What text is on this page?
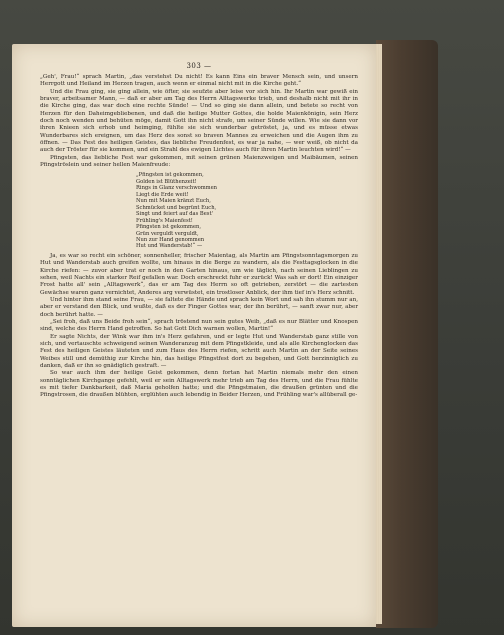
303 —

„Geh', Frau!“ sprach Martin, „das verstehst Du nicht! Es kann Eins ein braver Mensch sein, und unsern Herrgott und Heiland im Herzen tragen, auch wenn er einmal nicht mit in die Kirche geht.“

Und die Frau ging, sie ging allein, wie öfter, sie seufzte aber leise vor sich hin. Ihr Martin war gewiß ein braver, arbeitsamer Mann, — daß er aber am Tag des Herrn Alltagswerke trieb, und deshalb nicht mit ihr in die Kirche ging, das war doch eine rechte Sünde! — Und so ging sie dann allein, und betete so recht von Herzen für den Daheimgebliebenen, und daß die heilige Mutter Gottes, die holde Maienkönigin, sein Herz doch noch wenden und behüten möge, damit Gott ihn nicht strafe, um seiner Sünde willen. Wie sie dann vor ihren Knieen sich erhob und heimging, fühlte sie sich wunderbar getröstet, ja, und es müsse etwas Wunderbares sich ereignen, um das Herz des sonst so braven Mannes zu erweichen und die Augen ihm zu öffnen. — Das Fest des heiligen Geistes, das liebliche Freudenfest, es war ja nahe, — wer weiß, ob nicht da auch der Tröster für sie kommen, und ein Strahl des ewigen Lichtes auch für ihren Martin leuchten wird!“ —

Pfingsten, das liebliche Fest war gekommen, mit seinen grünen Maienzweigen und Maibäumen, seinen Pfingströslein und seiner hellen Maienfreude:

„Pfingsten ist gekommen,
Golden ist Blüthenzeit!
Rings in Glanz verschwommen
Liegt die Erde weit!
Nun mit Maien kränzt Euch,
Schmücket und begrünt Euch,
Singt und feiert auf das Best'
Frühling's Maienfest!
Pfingsten ist gekommen,
Grün verguldt verguldt,
Nun zur Hand genommen
Hut und Wanderstab!“ —

Ja, es war so recht ein schöner, sonnenheller, frischer Maientag, als Martin am Pfingstsonntagsmorgen zu Hut und Wanderstab auch greifen wollte, um hinaus in die Berge zu wandern, als die Festtagsglocken in die Kirche riefen: — zuvor aber trat er noch in den Garten hinaus, um wie täglich, nach seinen Lieblingen zu sehen, weil Nachts ein starker Reif gefallen war. Doch erschreckt fuhr er zurück! Was sah er dort! Ein einziger Frost hatte all' sein „Alltagswerk“, das er am Tag des Herrn so oft getrieben, zerstört — die zartesten Gewächse waren ganz vernichtet, Anderes arg verwüstet, ein trostloser Anblick, der ihm tief in's Herz schnitt.

Und hinter ihm stand seine Frau, — sie faltete die Hände und sprach kein Wort und sah ihn stumm nur an, aber er verstand den Blick, und wußte, daß es der Finger Gottes war, der ihn berührt, — sanft zwar nur, aber doch berührt hatte. —

„Sei froh, daß uns Beide froh sein“, sprach tröstend nun sein gutes Weib, „daß es nur Blätter und Knospen sind, welche des Herrn Hand getroffen. So hat Gott Dich warnen wollen, Martin!“

Er sagte Nichts, der Wink war ihm in's Herz gefahren, und er legte Hut und Wanderstab ganz stille von sich, und vertauschte schweigend seinen Wanderanzug mit dem Pfingstkleide, und als alle Kirchenglocken das Fest des heiligen Geistes läuteten und zum Haus des Herrn riefen, schritt auch Martin an der Seite seines Weibes still und demüthig zur Kirche hin, das heilige Pfingstfest dort zu begehen, und Gott herzinniglich zu danken, daß er ihn so gnädiglich gestraft. —

So war auch ihm der heilige Geist gekommen, denn fortan hat Martin niemals mehr den einen sonntäglichen Kirchgange gefehlt, weil er sein Alltagswerk mehr trieb am Tag des Herrn, und die Frau fühlte es mit tiefer Dankbarkeit, daß Maria geholfen hatte; und die Pfingstmaien, die draußen grünten und die Pfingstrosen, die draußen blühten, erglühten auch lebendig in Beider Herzen, und Frühling war's allüberall ge-
